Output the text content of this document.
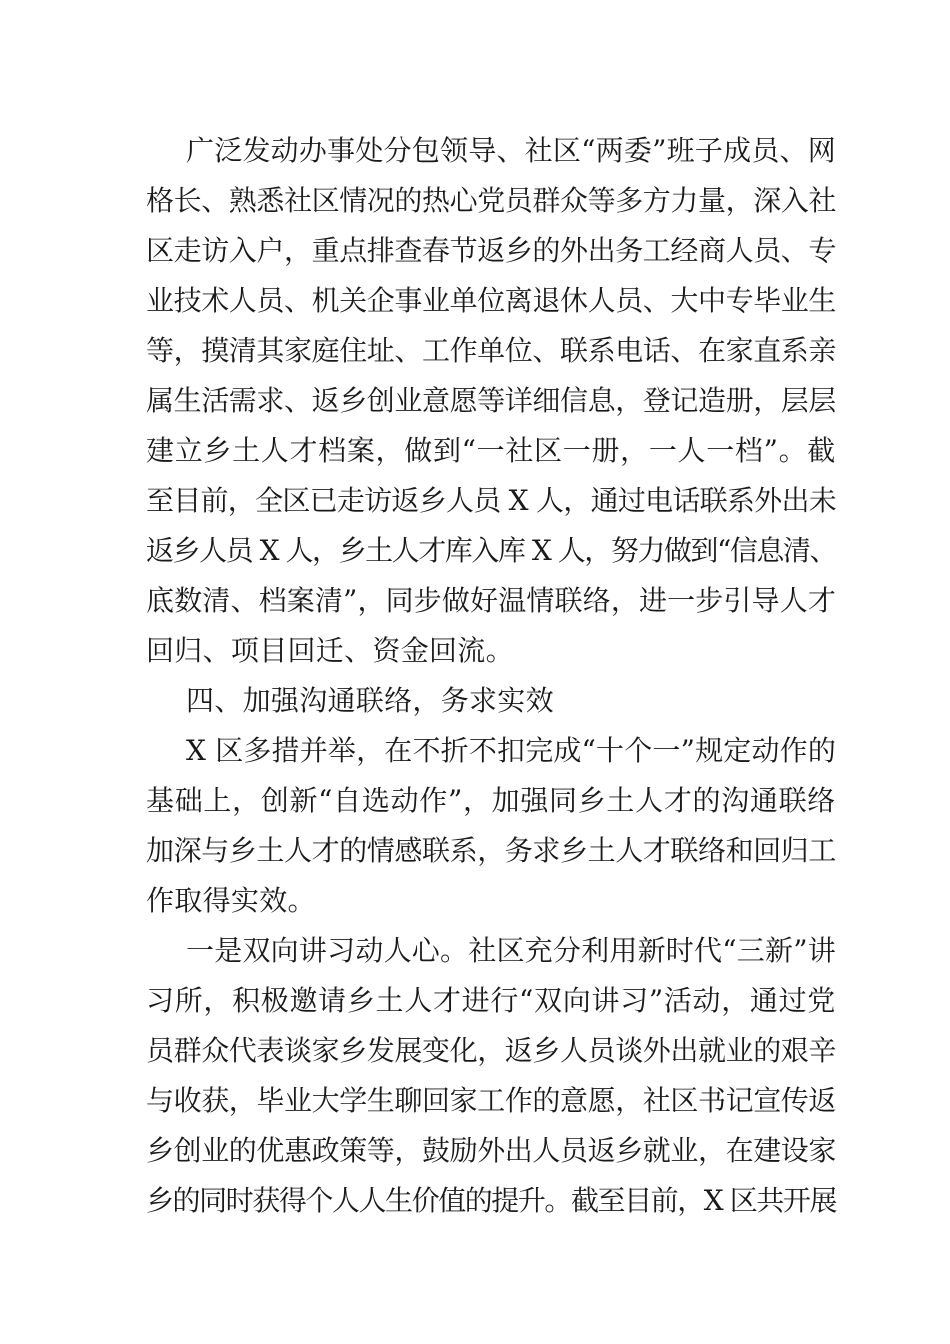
广泛发动办事处分包领导、社区“两委”班子成员、网
格长、熟悉社区情况的热心党员群众等多方力量，深入社
区走访入户，重点排查春节返乡的外出务工经商人员、专
业技术人员、机关企事业单位离退休人员、大中专毕业生
等，摸清其家庭住址、工作单位、联系电话、在家直系亲
属生活需求、返乡创业意愿等详细信息，登记造册，层层
建立乡土人才档案，做到“一社区一册，一人一档”。截
至目前，全区已走访返乡人员 X 人，通过电话联系外出未
返乡人员 X 人，乡土人才库入库 X 人，努力做到“信息清、
底数清、档案清”，同步做好温情联络，进一步引导人才
回归、项目回迁、资金回流。
四、加强沟通联络，务求实效
X 区多措并举，在不折不扣完成“十个一”规定动作的
基础上，创新“自选动作”，加强同乡土人才的沟通联络
加深与乡土人才的情感联系，务求乡土人才联络和回归工
作取得实效。
一是双向讲习动人心。社区充分利用新时代“三新”讲
习所，积极邀请乡土人才进行“双向讲习”活动，通过党
员群众代表谈家乡发展变化，返乡人员谈外出就业的艰辛
与收获，毕业大学生聊回家工作的意愿，社区书记宣传返
乡创业的优惠政策等，鼓励外出人员返乡就业，在建设家
乡的同时获得个人人生价值的提升。截至目前，X 区共开展
